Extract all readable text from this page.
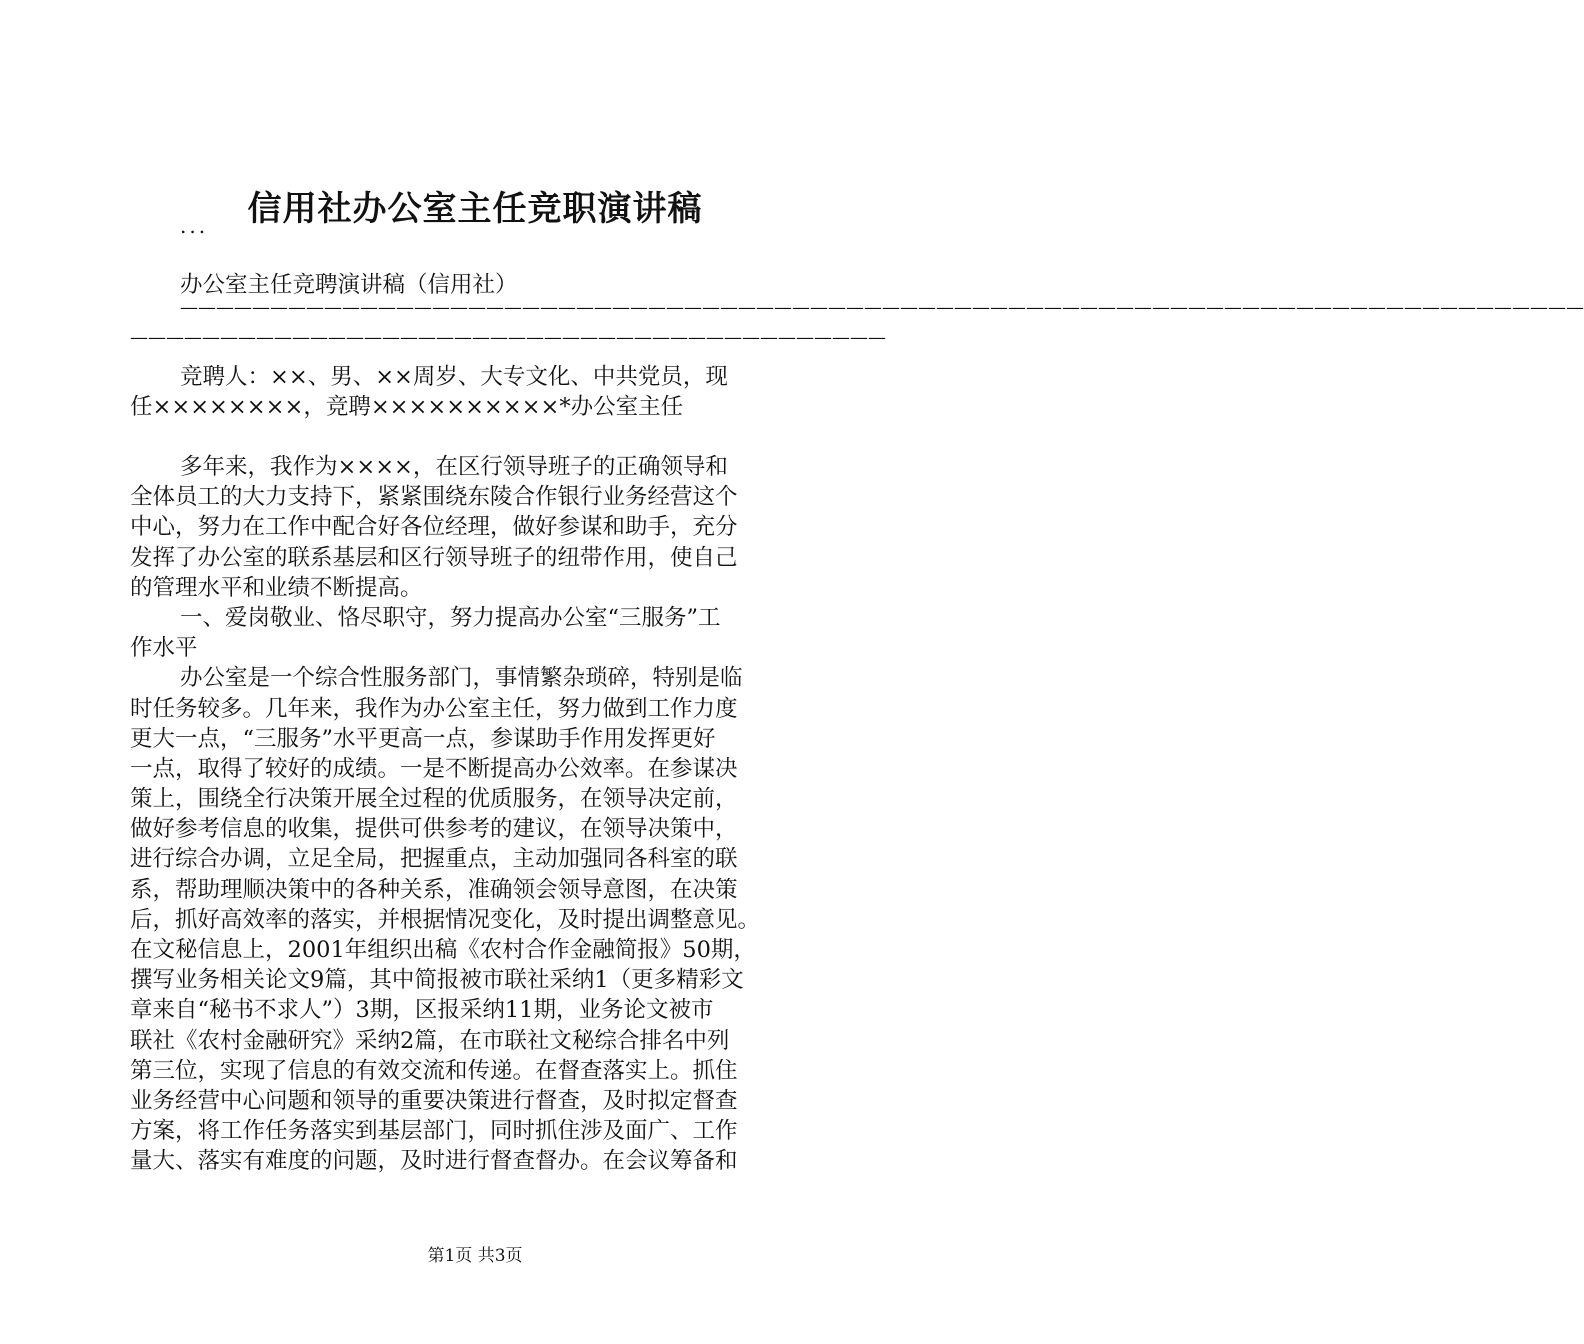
信用社办公室主任竞职演讲稿
...
办公室主任竞聘演讲稿（信用社）
——————————————————————————————————————————————————————————————————————————————
——————————————————————————————————————————
竞聘人：××、男、××周岁、大专文化、中共党员，现
任××××××××，竞聘××××××××××*办公室主任
多年来，我作为××××，在区行领导班子的正确领导和
全体员工的大力支持下，紧紧围绕东陵合作银行业务经营这个
中心，努力在工作中配合好各位经理，做好参谋和助手，充分
发挥了办公室的联系基层和区行领导班子的纽带作用，使自己
的管理水平和业绩不断提高。
一、爱岗敬业、恪尽职守，努力提高办公室“三服务”工
作水平
办公室是一个综合性服务部门，事情繁杂琐碎，特别是临
时任务较多。几年来，我作为办公室主任，努力做到工作力度
更大一点，“三服务”水平更高一点，参谋助手作用发挥更好
一点，取得了较好的成绩。一是不断提高办公效率。在参谋决
策上，围绕全行决策开展全过程的优质服务，在领导决定前，
做好参考信息的收集，提供可供参考的建议，在领导决策中，
进行综合办调，立足全局，把握重点，主动加强同各科室的联
系，帮助理顺决策中的各种关系，准确领会领导意图，在决策
后，抓好高效率的落实，并根据情况变化，及时提出调整意见。
在文秘信息上，2001年组织出稿《农村合作金融简报》50期，
撰写业务相关论文9篇，其中简报被市联社采纳1（更多精彩文
章来自“秘书不求人”）3期，区报采纳11期，业务论文被市
联社《农村金融研究》采纳2篇，在市联社文秘综合排名中列
第三位，实现了信息的有效交流和传递。在督查落实上。抓住
业务经营中心问题和领导的重要决策进行督查，及时拟定督查
方案，将工作任务落实到基层部门，同时抓住涉及面广、工作
量大、落实有难度的问题，及时进行督查督办。在会议筹备和
第1页 共3页
